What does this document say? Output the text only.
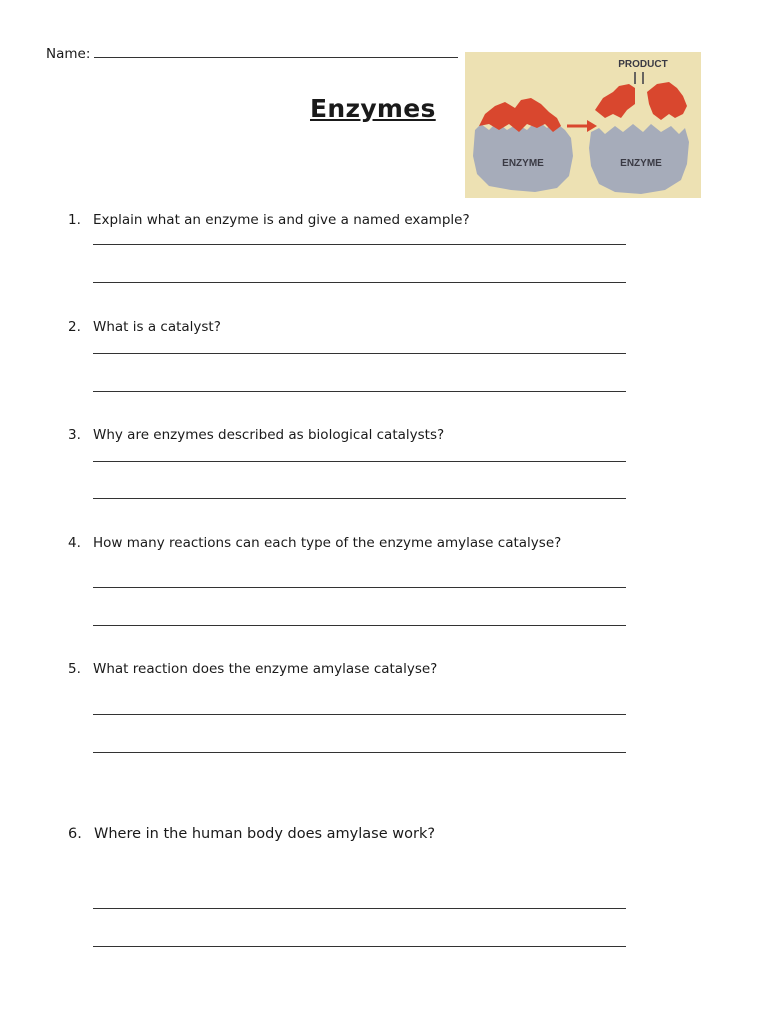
Name:
Enzymes
ENZYME	ENZYME
PRODUCT
1. Explain what an enzyme is and give a named example?
2. What is a catalyst?
3. Why are enzymes described as biological catalysts?
4. How many reactions can each type of the enzyme amylase catalyse?
5. What reaction does the enzyme amylase catalyse?
6. Where in the human body does amylase work?
